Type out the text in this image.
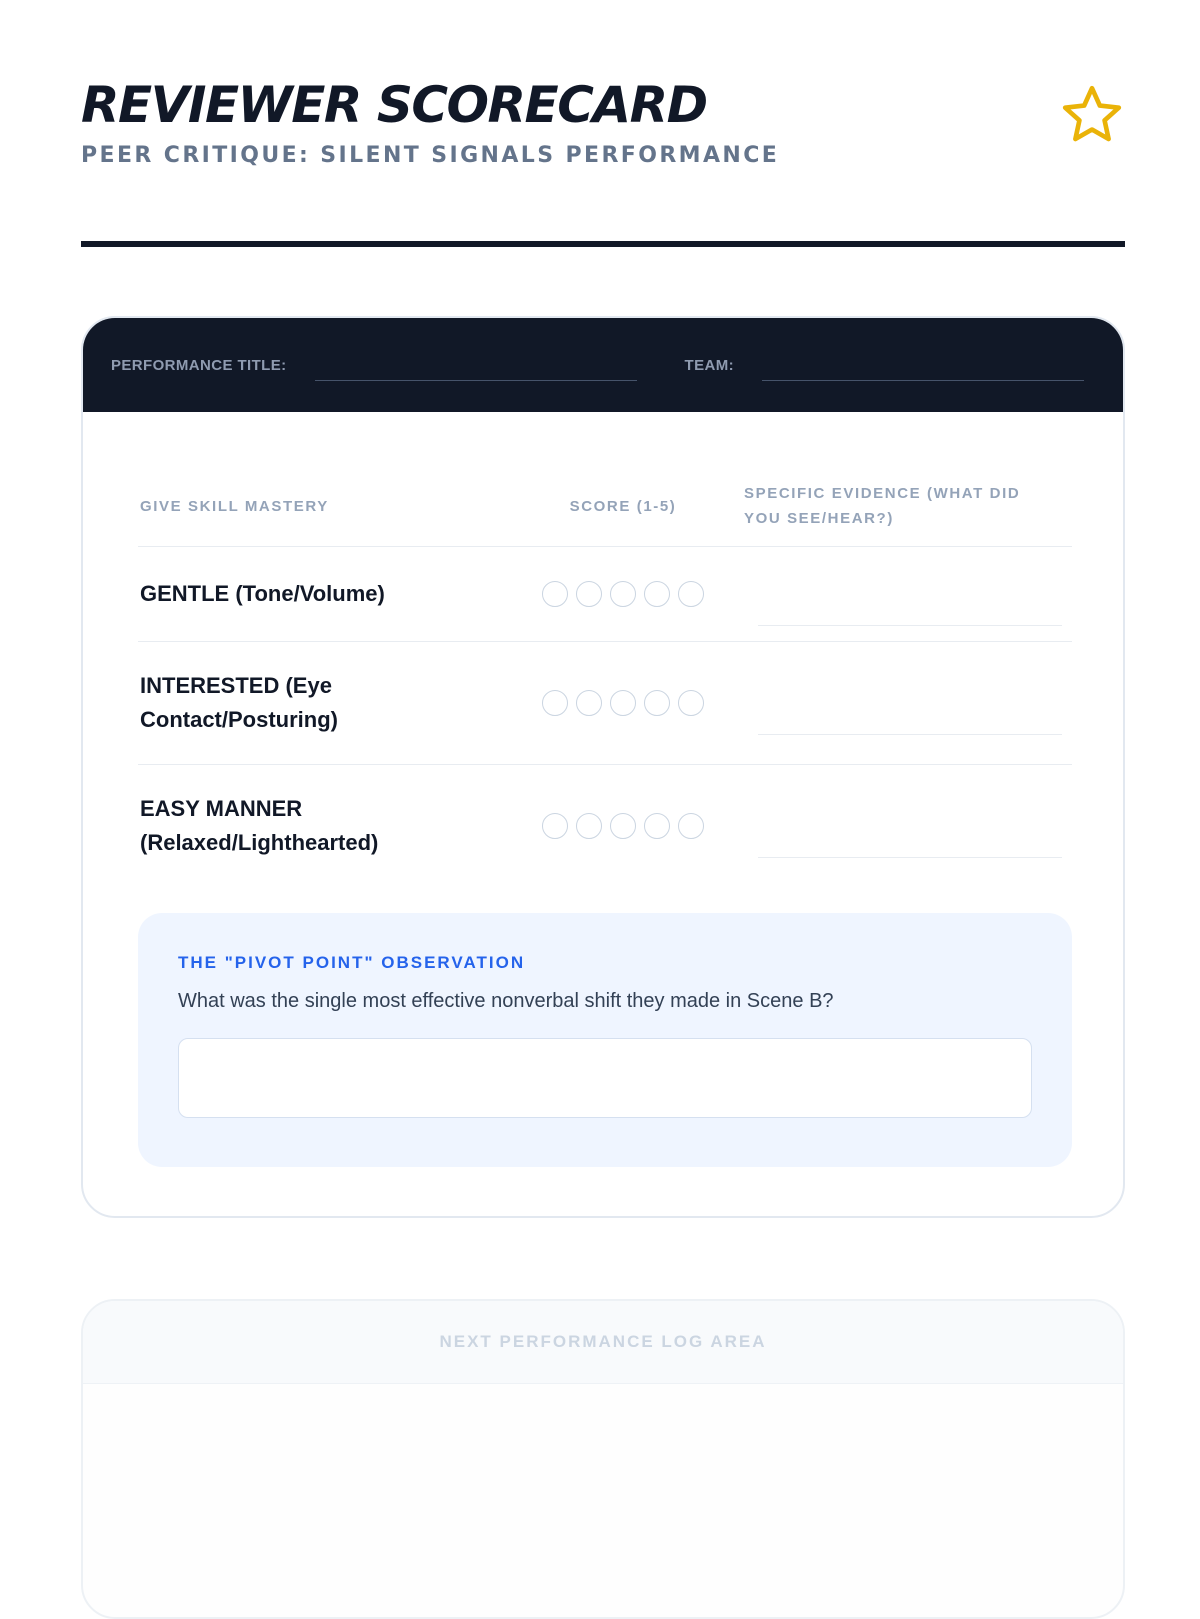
REVIEWER SCORECARD
PEER CRITIQUE: SILENT SIGNALS PERFORMANCE
PERFORMANCE TITLE:	TEAM:
GIVE SKILL MASTERY	SCORE (1-5)
SPECIFIC EVIDENCE (WHAT DID YOU SEE/HEAR?)
GENTLE (Tone/Volume)
INTERESTED (Eye Contact/Posturing)
EASY MANNER (Relaxed/Lighthearted)
THE "PIVOT POINT" OBSERVATION
What was the single most effective nonverbal shift they made in Scene B?
NEXT PERFORMANCE LOG AREA
